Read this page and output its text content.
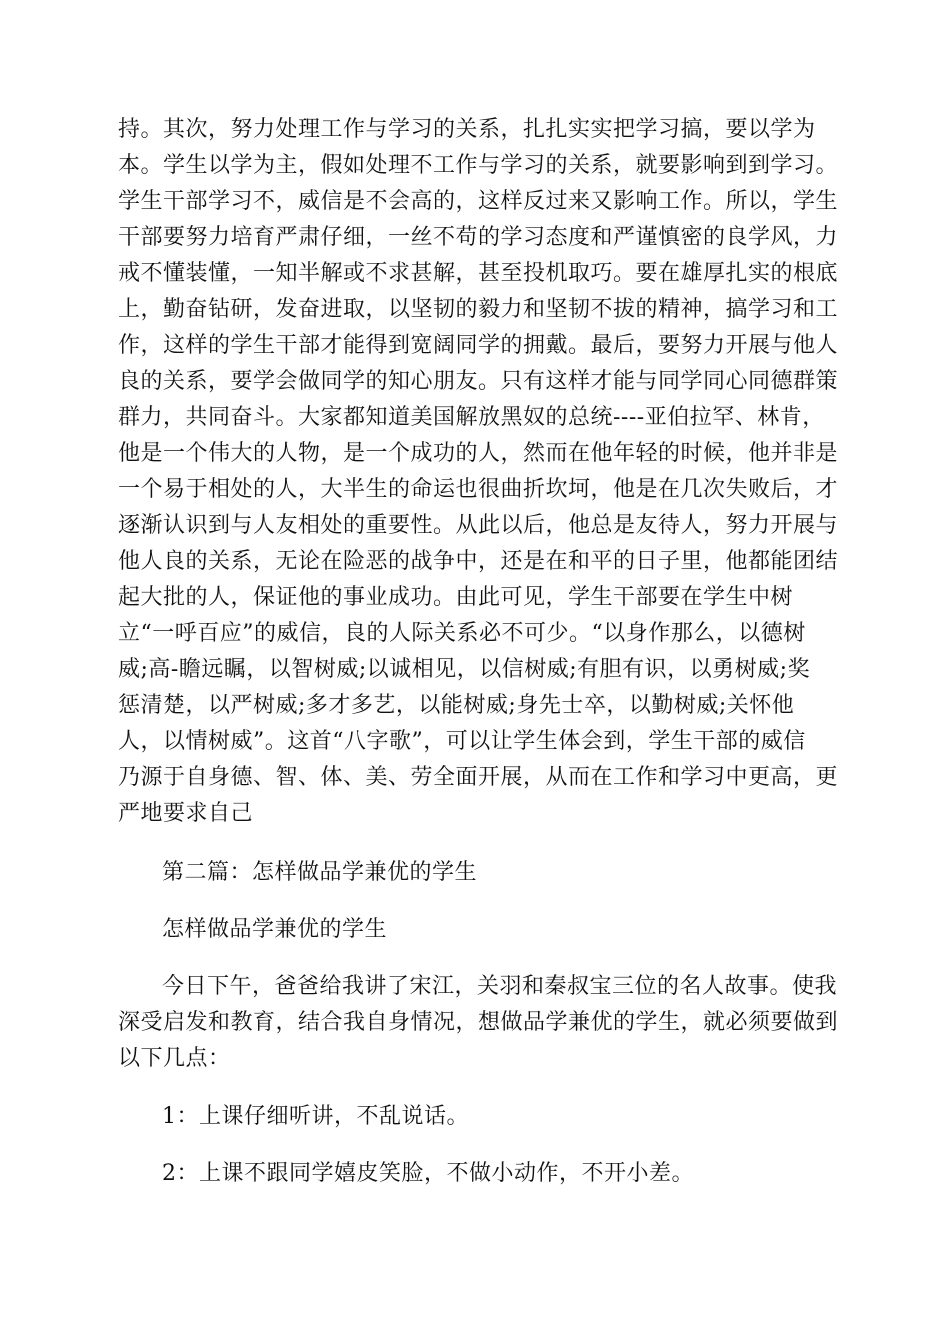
持。其次，努力处理工作与学习的关系，扎扎实实把学习搞，要以学为
本。学生以学为主，假如处理不工作与学习的关系，就要影响到到学习。
学生干部学习不，威信是不会高的，这样反过来又影响工作。所以，学生
干部要努力培育严肃仔细，一丝不苟的学习态度和严谨慎密的良学风，力
戒不懂装懂，一知半解或不求甚解，甚至投机取巧。要在雄厚扎实的根底
上，勤奋钻研，发奋进取，以坚韧的毅力和坚韧不拔的精神，搞学习和工
作，这样的学生干部才能得到宽阔同学的拥戴。最后，要努力开展与他人
良的关系，要学会做同学的知心朋友。只有这样才能与同学同心同德群策
群力，共同奋斗。大家都知道美国解放黑奴的总统----亚伯拉罕、林肯，
他是一个伟大的人物，是一个成功的人，然而在他年轻的时候，他并非是
一个易于相处的人，大半生的命运也很曲折坎坷，他是在几次失败后，才
逐渐认识到与人友相处的重要性。从此以后，他总是友待人，努力开展与
他人良的关系，无论在险恶的战争中，还是在和平的日子里，他都能团结
起大批的人，保证他的事业成功。由此可见，学生干部要在学生中树
立“一呼百应”的威信，良的人际关系必不可少。“以身作那么，以德树
威;高-瞻远瞩，以智树威;以诚相见，以信树威;有胆有识，以勇树威;奖
惩清楚，以严树威;多才多艺，以能树威;身先士卒，以勤树威;关怀他
人，以情树威”。这首“八字歌”，可以让学生体会到，学生干部的威信
乃源于自身德、智、体、美、劳全面开展，从而在工作和学习中更高，更
严地要求自己
第二篇：怎样做品学兼优的学生
怎样做品学兼优的学生
今日下午，爸爸给我讲了宋江，关羽和秦叔宝三位的名人故事。使我
深受启发和教育，结合我自身情况，想做品学兼优的学生，就必须要做到
以下几点：
1：上课仔细听讲，不乱说话。
2：上课不跟同学嬉皮笑脸，不做小动作，不开小差。
